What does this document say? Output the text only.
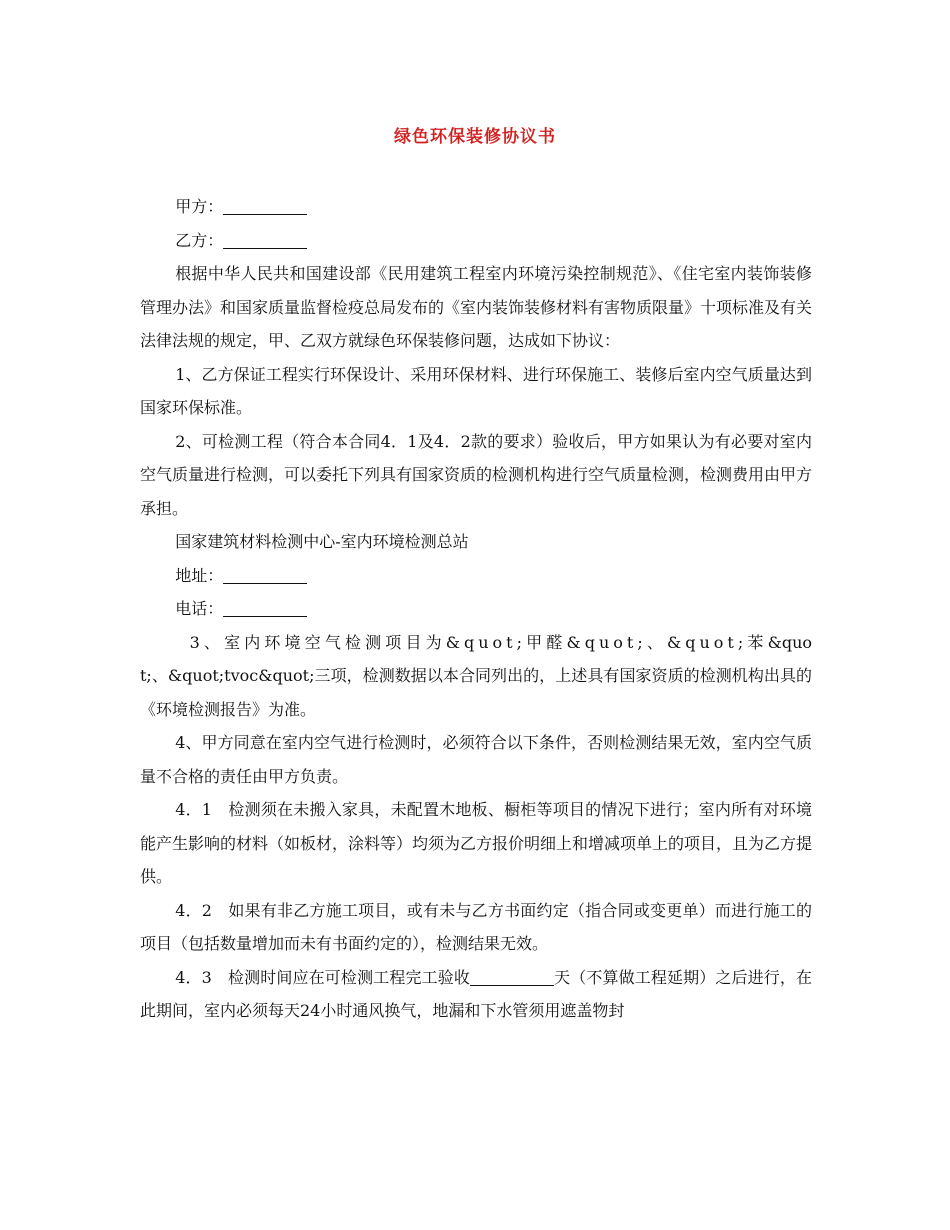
绿色环保装修协议书

甲方：

乙方：

根据中华人民共和国建设部《民用建筑工程室内环境污染控制规范》、《住宅室内装饰装修管理办法》和国家质量监督检疫总局发布的《室内装饰装修材料有害物质限量》十项标准及有关法律法规的规定，甲、乙双方就绿色环保装修问题，达成如下协议：

1、乙方保证工程实行环保设计、采用环保材料、进行环保施工、装修后室内空气质量达到国家环保标准。

2、可检测工程（符合本合同4．1及4．2款的要求）验收后，甲方如果认为有必要对室内空气质量进行检测，可以委托下列具有国家资质的检测机构进行空气质量检测，检测费用由甲方承担。

国家建筑材料检测中心-室内环境检测总站

地址：

电话：

3、室内环境空气检测项目为&quot;甲醛&quot;、&quot;苯&quot;、&quot;tvoc&quot;三项，检测数据以本合同列出的，上述具有国家资质的检测机构出具的《环境检测报告》为准。

4、甲方同意在室内空气进行检测时，必须符合以下条件，否则检测结果无效，室内空气质量不合格的责任由甲方负责。

4．1　检测须在未搬入家具，未配置木地板、橱柜等项目的情况下进行；室内所有对环境能产生影响的材料（如板材，涂料等）均须为乙方报价明细上和增减项单上的项目，且为乙方提供。

4．2　如果有非乙方施工项目，或有未与乙方书面约定（指合同或变更单）而进行施工的项目（包括数量增加而未有书面约定的），检测结果无效。

4．3　检测时间应在可检测工程完工验收	天（不算做工程延期）之后进行，在此期间，室内必须每天24小时通风换气，地漏和下水管须用遮盖物封
